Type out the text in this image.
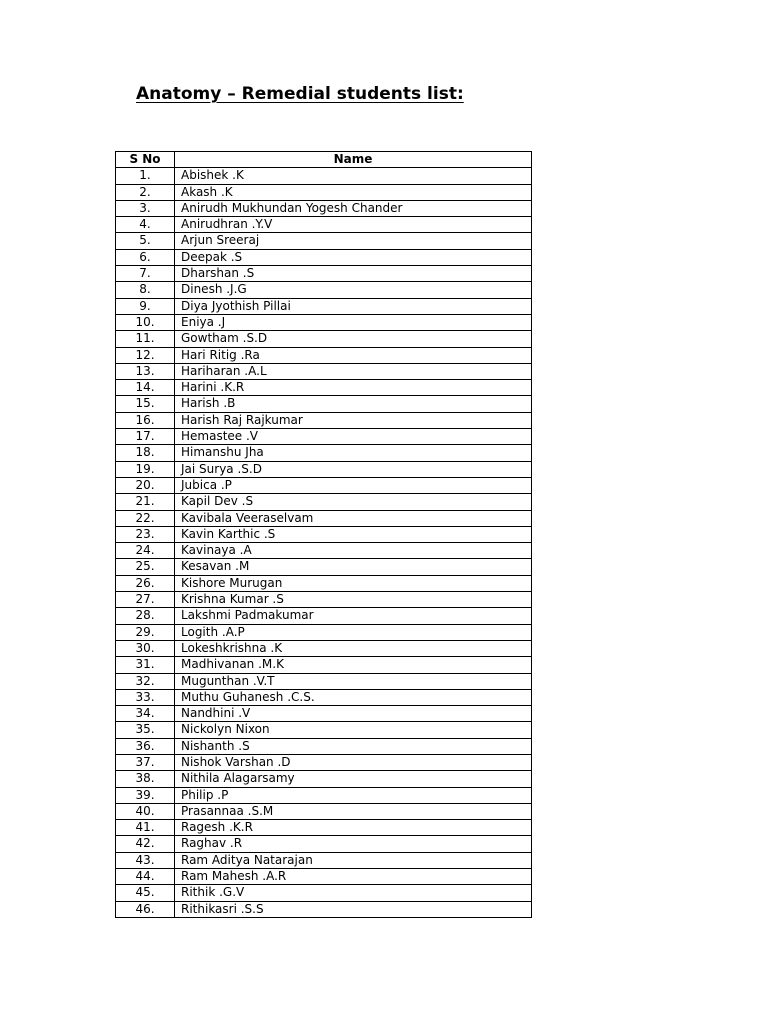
Anatomy – Remedial students list:
S No	Name
1.	Abishek .K
2.	Akash .K
3.	Anirudh Mukhundan Yogesh Chander
4.	Anirudhran .Y.V
5.	Arjun Sreeraj
6.	Deepak .S
7.	Dharshan .S
8.	Dinesh .J.G
9.	Diya Jyothish Pillai
10.	Eniya .J
11.	Gowtham .S.D
12.	Hari Ritig .Ra
13.	Hariharan .A.L
14.	Harini .K.R
15.	Harish .B
16.	Harish Raj Rajkumar
17.	Hemastee .V
18.	Himanshu Jha
19.	Jai Surya .S.D
20.	Jubica .P
21.	Kapil Dev .S
22.	Kavibala Veeraselvam
23.	Kavin Karthic .S
24.	Kavinaya .A
25.	Kesavan .M
26.	Kishore Murugan
27.	Krishna Kumar .S
28.	Lakshmi Padmakumar
29.	Logith .A.P
30.	Lokeshkrishna .K
31.	Madhivanan .M.K
32.	Mugunthan .V.T
33.	Muthu Guhanesh .C.S.
34.	Nandhini .V
35.	Nickolyn Nixon
36.	Nishanth .S
37.	Nishok Varshan .D
38.	Nithila Alagarsamy
39.	Philip .P
40.	Prasannaa .S.M
41.	Ragesh .K.R
42.	Raghav .R
43.	Ram Aditya Natarajan
44.	Ram Mahesh .A.R
45.	Rithik .G.V
46.	Rithikasri .S.S
